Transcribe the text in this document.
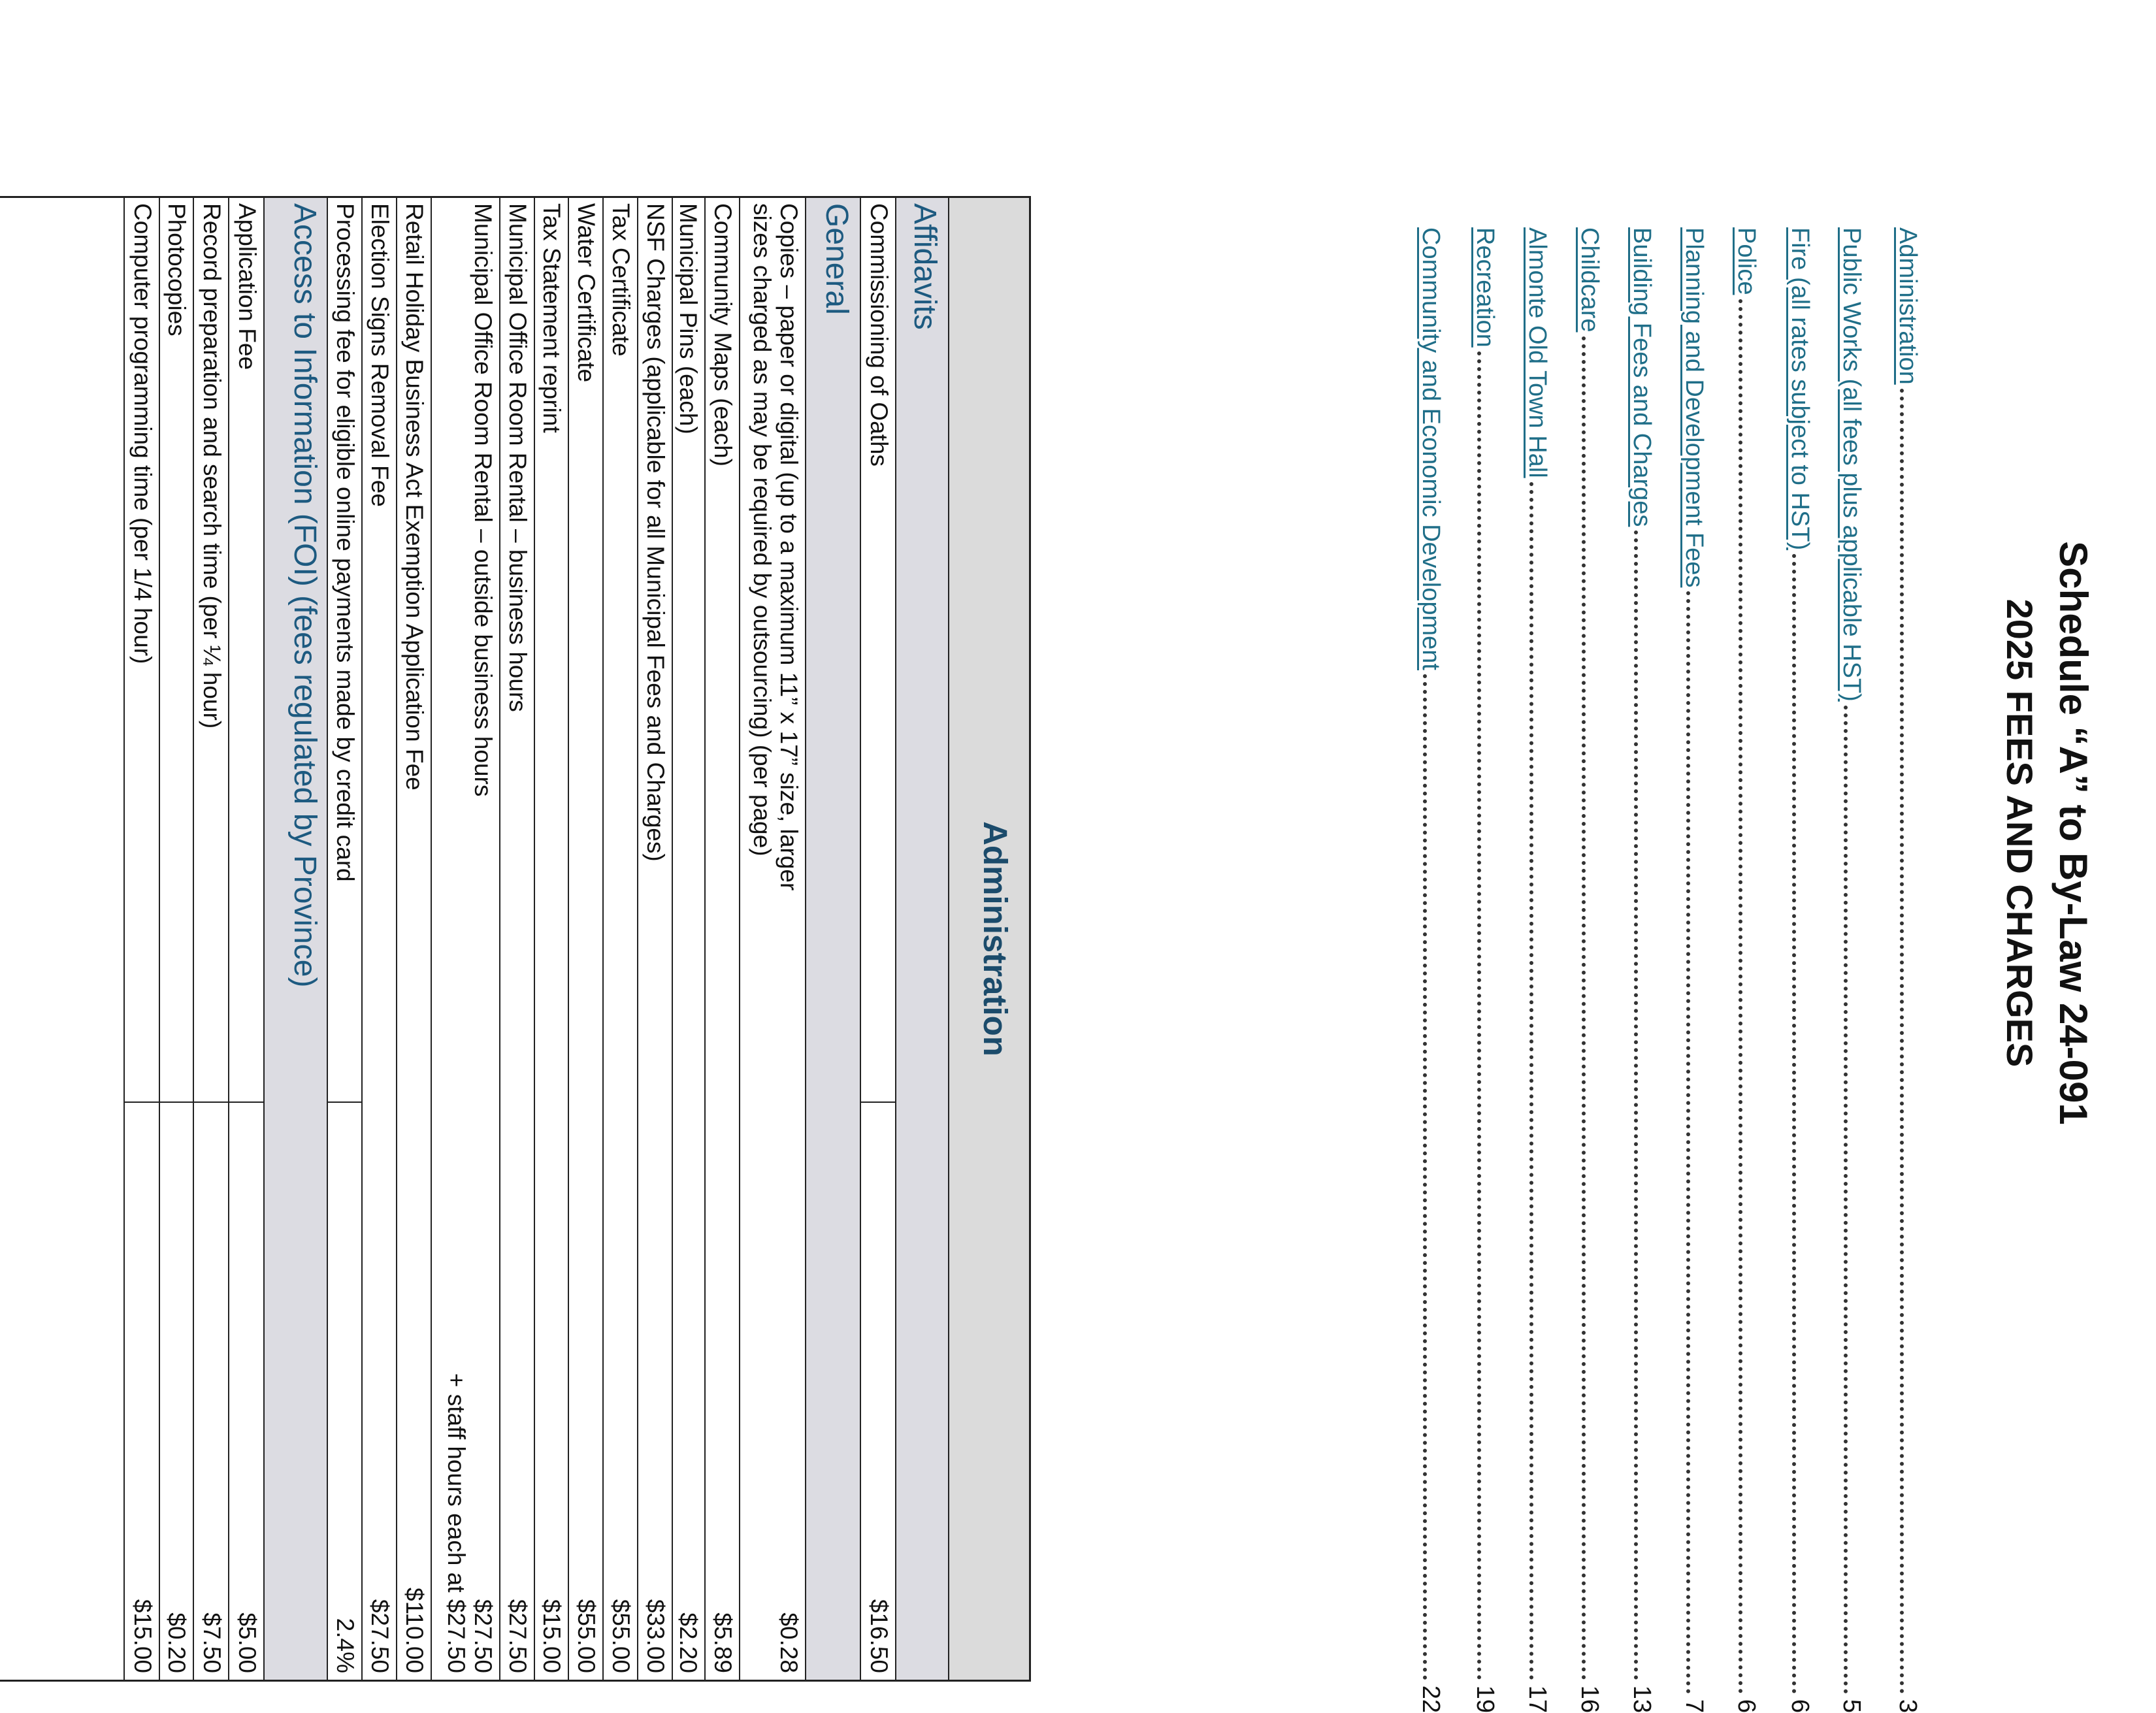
Schedule “A” to By-Law 24-091
2025 FEES AND CHARGES
Administration
3
Public Works (all fees plus applicable HST)
5
Fire (all rates subject to HST)
6
Police
6
Planning and Development Fees
7
Building Fees and Charges
13
Childcare
16
Almonte Old Town Hall
17
Recreation
19
Community and Economic Development
22
Administration
Affidavits
Commissioning of Oaths
$16.50
General
Copies – paper or digital (up to a maximum 11” x 17” size, larger
sizes charged as may be required by outsourcing) (per page)
$0.28
Community Maps (each)
$5.89
Municipal Pins (each)
$2.20
NSF Charges (applicable for all Municipal Fees and Charges)
$33.00
Tax Certificate
$55.00
Water Certificate
$55.00
Tax Statement reprint
$15.00
Municipal Office Room Rental – business hours
$27.50
Municipal Office Room Rental – outside business hours
$27.50
+ staff hours each at $27.50
Retail Holiday Business Act Exemption Application Fee
$110.00
Election Signs Removal Fee
$27.50
Processing fee for eligible online payments made by credit card
2.4%
Access to Information (FOI) (fees regulated by Province)
Application Fee
$5.00
Record preparation and search time (per ¼ hour)
$7.50
Photocopies
$0.20
Computer programming time (per 1/4 hour)
$15.00
